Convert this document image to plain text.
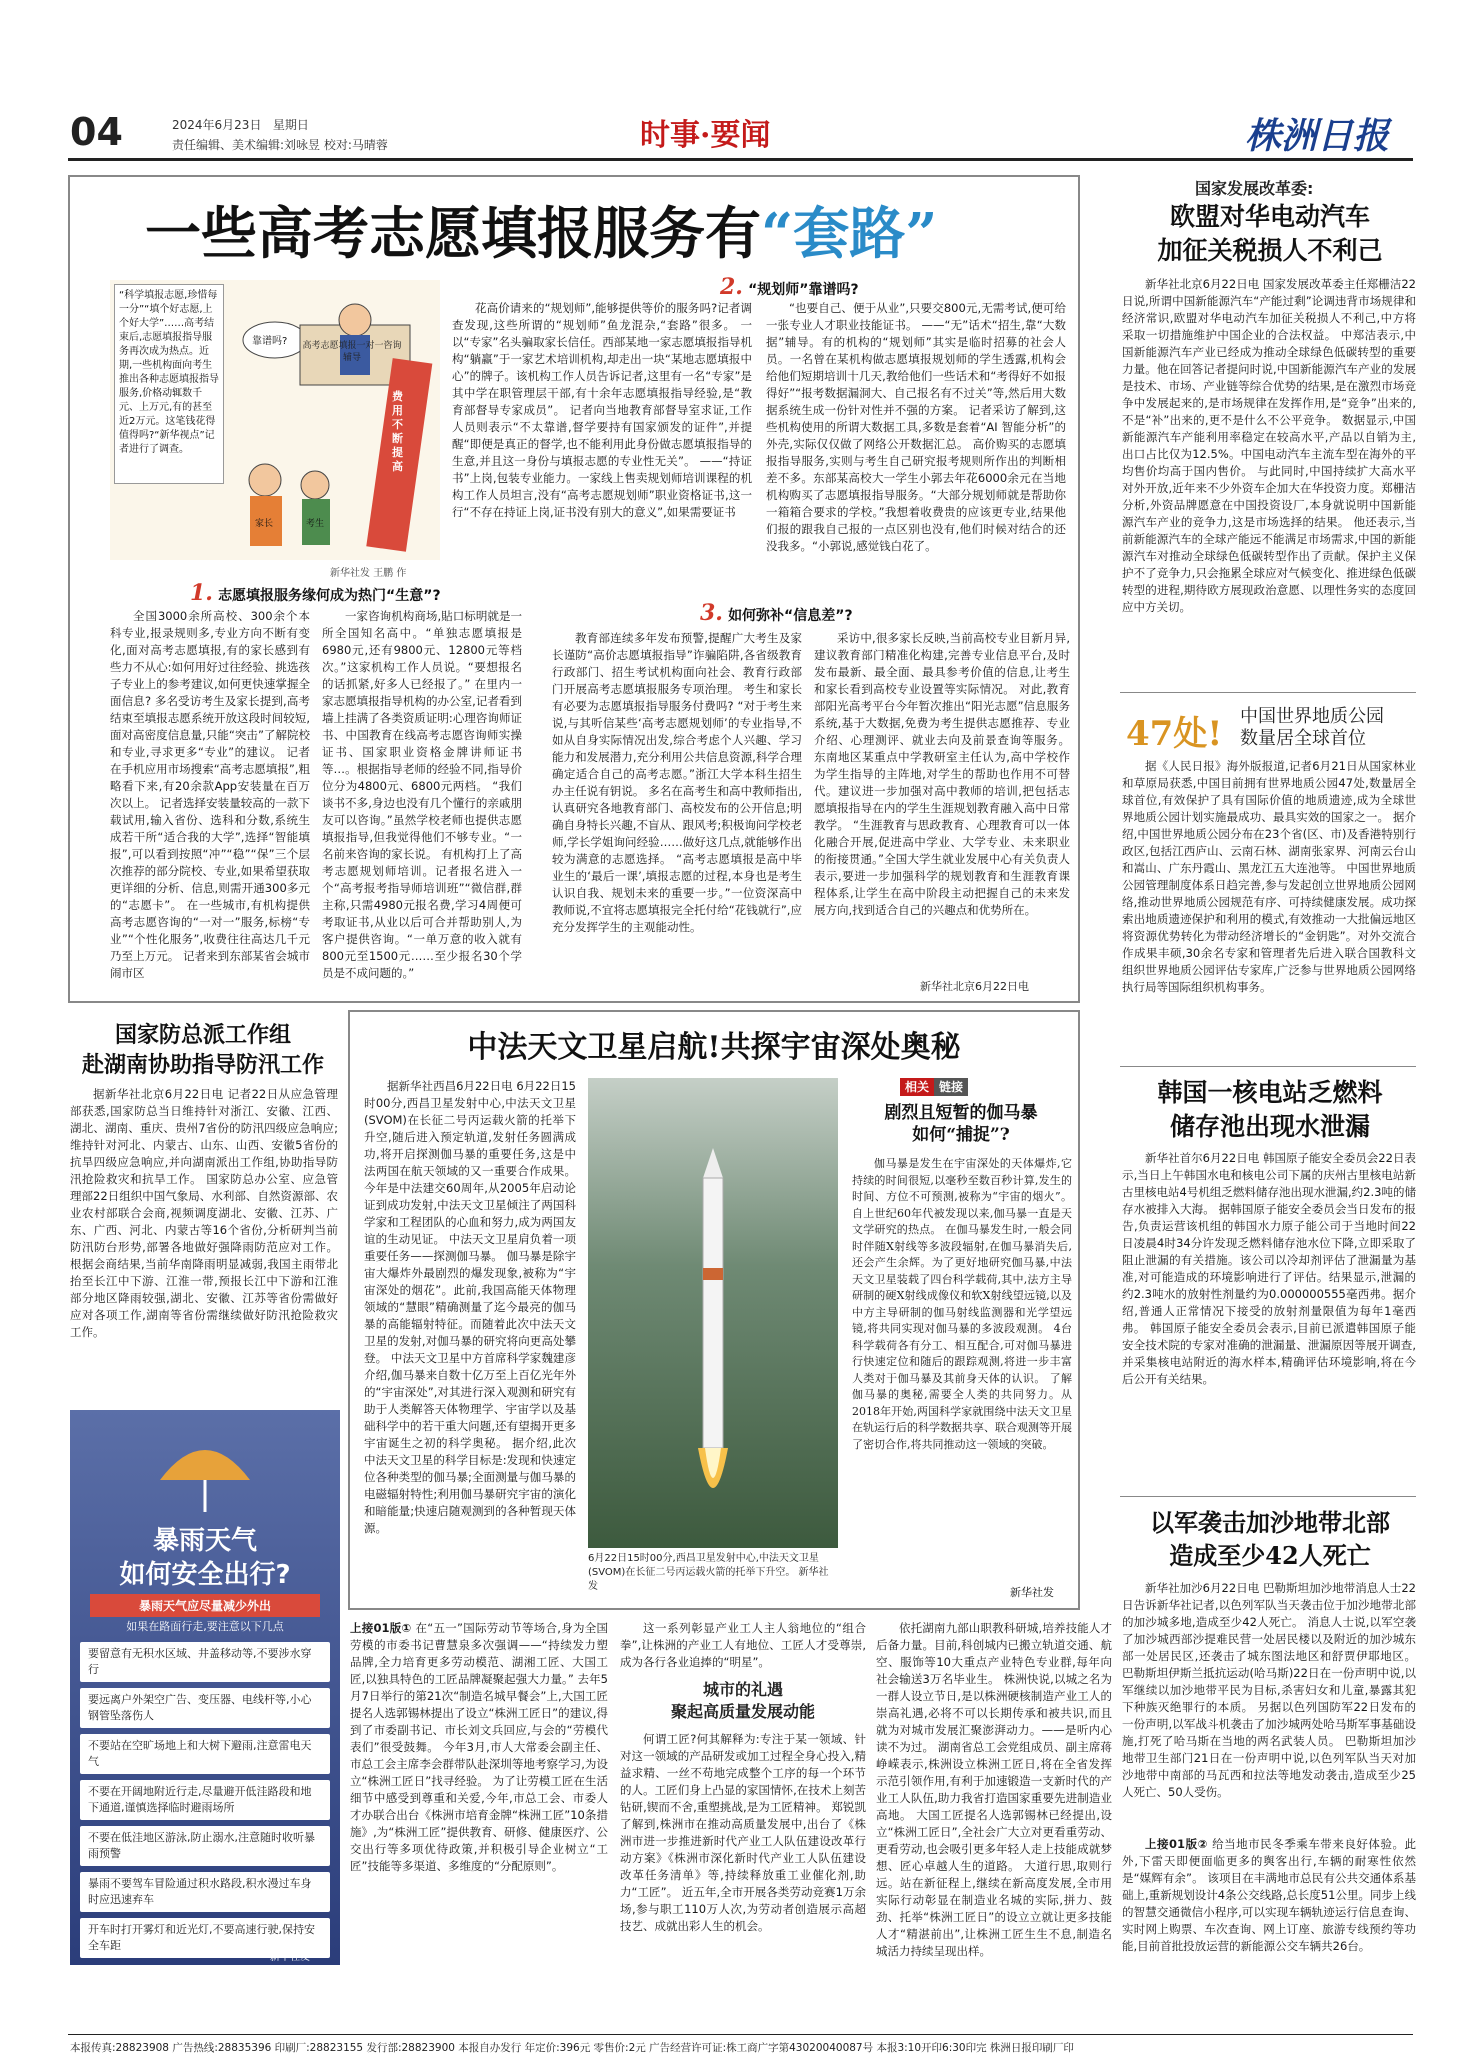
04	2024年6月23日 星期日
责任编辑、美术编辑:刘咏昱 校对:马晴蓉	时事·要闻	株洲日报
一些高考志愿填报服务有“套路”
“科学填报志愿,珍惜每一分”“填个好志愿,上个好大学”……高考结束后,志愿填报指导服务再次成为热点。近期,一些机构面向考生推出各种志愿填报指导服务,价格动辄数千元、上万元,有的甚至近2万元。这笔钱花得值得吗?“新华视点”记者进行了调查。
靠谱吗? 高考志愿填报一对一咨询辅导
费用不断提高
家长	考生
新华社发 王鹏 作
2. “规划师”靠谱吗?
花高价请来的“规划师”,能够提供等价的服务吗?记者调查发现,这些所谓的“规划师”鱼龙混杂,“套路”很多。 一以“专家”名头骗取家长信任。西部某地一家志愿填报指导机构“躺赢”于一家艺术培训机构,却走出一块“某地志愿填报中心”的牌子。该机构工作人员告诉记者,这里有一名“专家”是其中学在职管理层干部,有十余年志愿填报指导经验,是“教育部督导专家成员”。 记者向当地教育部督导室求证,工作人员则表示“不太靠谱,督学要持有国家颁发的证件”,并提醒“即便是真正的督学,也不能利用此身份做志愿填报指导的生意,并且这一身份与填报志愿的专业性无关”。 ——“持证书”上岗,包装专业能力。一家线上售卖规划师培训课程的机构工作人员坦言,没有“高考志愿规划师”职业资格证书,这一行“不存在持证上岗,证书没有别大的意义”,如果需要证书
“也要自己、便于从业”,只要交800元,无需考试,便可给一张专业人才职业技能证书。 ——“无”话术“招生,靠“大数据”辅导。有的机构的“规划师”其实是临时招募的社会人员。一名曾在某机构做志愿填报规划师的学生透露,机构会给他们短期培训十几天,教给他们一些话术和“考得好不如报得好”“报考数据漏洞大、自己报名有不过关”等,然后用大数据系统生成一份针对性并不强的方案。 记者采访了解到,这些机构使用的所谓大数据工具,多数是套着“AI 智能分析”的外壳,实际仅仅做了网络公开数据汇总。 高价购买的志愿填报指导服务,实则与考生自己研究报考规则所作出的判断相差不多。东部某高校大一学生小郭去年花6000余元在当地机构购买了志愿填报指导服务。“大部分规划师就是帮助你一箱箱合要求的学校。”我想着收费贵的应该更专业,结果他们报的跟我自己报的一点区别也没有,他们时候对结合的还没我多。“小郭说,感觉钱白花了。
1. 志愿填报服务缘何成为热门“生意”?
全国3000余所高校、300余个本科专业,报录规则多,专业方向不断有变化,面对高考志愿填报,有的家长感到有些力不从心:如何用好过往经验、挑选孩子专业上的参考建议,如何更快速掌握全面信息? 多名受访考生及家长提到,高考结束至填报志愿系统开放这段时间较短,面对高密度信息量,只能“突击”了解院校和专业,寻求更多“专业”的建议。 记者在手机应用市场搜索“高考志愿填报”,粗略看下来,有20余款App安装量在百万次以上。 记者选择安装量较高的一款下载试用,输入省份、选科和分数,系统生成若干所“适合我的大学”,选择“智能填报”,可以看到按照“冲”“稳”“保”三个层次推荐的部分院校、专业,如果希望获取更详细的分析、信息,则需开通300多元的“志愿卡”。 在一些城市,有机构提供高考志愿咨询的“一对一”服务,标榜“专业”“个性化服务”,收费往往高达几千元乃至上万元。 记者来到东部某省会城市闹市区
一家咨询机构商场,貼口标明就是一所全国知名高中。“单独志愿填报是6980元,还有9800元、12800元等档次。”这家机构工作人员说。“要想报名的话抓紧,好多人已经报了。” 在里内一家志愿填报指导机构的办公室,记者看到墙上挂满了各类资质证明:心理咨询师证书、中国教育在线高考志愿咨询师实操证书、国家职业资格金牌讲师证书等…。根据指导老师的经验不同,指导价位分为4800元、6800元两档。 “我们谈书不多,身边也没有几个懂行的亲戚朋友可以咨询。”虽然学校老师也提供志愿填报指导,但我觉得他们不够专业。“一名前来咨询的家长说。 有机构打上了高考志愿规划师培训。记者报名进入一个“高考报考指导师培训班”“微信群,群主称,只需4980元报名费,学习4周便可考取证书,从业以后可合并帮助别人,为客户提供咨询。“一单万意的收入就有800元至1500元……至少报名30个学员是不成问题的。”
3. 如何弥补“信息差”?
教育部连续多年发布预警,提醒广大考生及家长谨防“高价志愿填报指导”诈骗陷阱,各省级教育行政部门、招生考试机构面向社会、教育行政部门开展高考志愿填报服务专项治理。 考生和家长有必要为志愿填报指导服务付费吗? “对于考生来说,与其听信某些‘高考志愿规划师’的专业指导,不如从自身实际情况出发,综合考虑个人兴趣、学习能力和发展潜力,充分利用公共信息资源,科学合理确定适合自己的高考志愿。”浙江大学本科生招生办主任说有钥说。 多名在高考生和高中教师指出,认真研究各地教育部门、高校发布的公开信息;明确自身特长兴趣,不盲从、跟风考;积极询问学校老师,学长学姐询问经验……做好这几点,就能够作出较为满意的志愿选择。 “高考志愿填报是高中毕业生的‘最后一课’,填报志愿的过程,本身也是考生认识自我、规划未来的重要一步。”一位资深高中教师说,不宜将志愿填报完全托付给“花钱就行”,应充分发挥学生的主观能动性。
采访中,很多家长反映,当前高校专业目新月异,建议教育部门精准化构建,完善专业信息平台,及时发布最新、最全面、最具参考价值的信息,让考生和家长看到高校专业设置等实际情况。 对此,教育部阳光高考平台今年暂次推出“阳光志愿”信息服务系统,基于大数据,免费为考生提供志愿推荐、专业介绍、心理测评、就业去向及前景查询等服务。 东南地区某重点中学教研室主任认为,高中学校作为学生指导的主阵地,对学生的帮助也作用不可替代。建议进一步加强对高中教师的培训,把包括志愿填报指导在内的学生生涯规划教育融入高中日常教学。 “生涯教育与思政教育、心理教育可以一体化融合开展,促进高中学业、大学专业、未来职业的衔接贯通。”全国大学生就业发展中心有关负责人表示,要进一步加强科学的规划教育和生涯教育课程体系,让学生在高中阶段主动把握自己的未来发展方向,找到适合自己的兴趣点和优势所在。
新华社北京6月22日电
国家发展改革委:
欧盟对华电动汽车
加征关税损人不利己
新华社北京6月22日电 国家发展改革委主任郑栅洁22日说,所谓中国新能源汽车“产能过剩”论调违背市场规律和经济常识,欧盟对华电动汽车加征关税损人不利己,中方将采取一切措施维护中国企业的合法权益。 中郑洁表示,中国新能源汽车产业已经成为推动全球绿色低碳转型的重要力量。他在回答记者提问时说,中国新能源汽车产业的发展是技术、市场、产业链等综合优势的结果,是在激烈市场竞争中发展起来的,是市场规律在发挥作用,是“竞争”出来的,不是“补”出来的,更不是什么不公平竞争。 数据显示,中国新能源汽车产能利用率稳定在较高水平,产品以自销为主,出口占比仅为12.5%。中国电动汽车主流车型在海外的平均售价均高于国内售价。 与此同时,中国持续扩大高水平对外开放,近年来不少外资车企加大在华投资力度。郑栅洁分析,外资品牌愿意在中国投资设厂,本身就说明中国新能源汽车产业的竞争力,这是市场选择的结果。 他还表示,当前新能源汽车的全球产能远不能满足市场需求,中国的新能源汽车对推动全球绿色低碳转型作出了贡献。保护主义保护不了竞争力,只会拖累全球应对气候变化、推进绿色低碳转型的进程,期待欧方展现政治意愿、以理性务实的态度回应中方关切。
47处! 中国世界地质公园
数量居全球首位
据《人民日报》海外版报道,记者6月21日从国家林业和草原局获悉,中国目前拥有世界地质公园47处,数量居全球首位,有效保护了具有国际价值的地质遗迹,成为全球世界地质公园计划实施最成功、最具实效的国家之一。 据介绍,中国世界地质公园分布在23个省(区、市)及香港特别行政区,包括江西庐山、云南石林、湖南张家界、河南云台山和嵩山、广东丹霞山、黑龙江五大连池等。 中国世界地质公园管理制度体系日趋完善,参与发起创立世界地质公园网络,推动世界地质公园规范有序、可持续健康发展。成功探索出地质遗迹保护和利用的模式,有效推动一大批偏远地区将资源优势转化为带动经济增长的“金钥匙”。对外交流合作成果丰硕,30余名专家和管理者先后进入联合国教科文组织世界地质公园评估专家库,广泛参与世界地质公园网络执行局等国际组织机构事务。
韩国一核电站乏燃料
储存池出现水泄漏
新华社首尔6月22日电 韩国原子能安全委员会22日表示,当日上午韩国水电和核电公司下属的庆州古里核电站新古里核电站4号机组乏燃料储存池出现水泄漏,约2.3吨的储存水被排入大海。 据韩国原子能安全委员会当日发布的报告,负责运营该机组的韩国水力原子能公司于当地时间22日凌晨4时34分许发现乏燃料储存池水位下降,立即采取了阻止泄漏的有关措施。该公司以冷却剂评估了泄漏量为基准,对可能造成的环境影响进行了评估。结果显示,泄漏的约2.3吨水的放射性剂量约为0.000000555毫西弗。据介绍,普通人正常情况下接受的放射剂量限值为每年1毫西弗。 韩国原子能安全委员会表示,目前已派遣韩国原子能安全技术院的专家对准确的泄漏量、泄漏原因等展开调查,并采集核电站附近的海水样本,精确评估环境影响,将在今后公开有关结果。
以军袭击加沙地带北部
造成至少42人死亡
新华社加沙6月22日电 巴勒斯坦加沙地带消息人士22日告诉新华社记者,以色列军队当天袭击位于加沙地带北部的加沙城多地,造成至少42人死亡。 消息人士说,以军空袭了加沙城西部沙提难民营一处居民楼以及附近的加沙城东部一处居民区,还袭击了城东图法地区和舒贾伊耶地区。 巴勒斯坦伊斯兰抵抗运动(哈马斯)22日在一份声明中说,以军继续以加沙地带平民为目标,杀害妇女和儿童,暴露其犯下种族灭绝罪行的本质。 另据以色列国防军22日发布的一份声明,以军战斗机袭击了加沙城两处哈马斯军事基础设施,打死了哈马斯在当地的两名武装人员。 巴勒斯坦加沙地带卫生部门21日在一份声明中说,以色列军队当天对加沙地带中南部的马瓦西和拉法等地发动袭击,造成至少25人死亡、50人受伤。
上接01版② 给当地市民冬季乘车带来良好体验。此外,下雷天即便面临更多的舆客出行,车辆的耐寒性依然是“媒辉有余”。 该项目在丰满地市总民有公共交通体系基础上,重新规划设计4条公交线路,总长度51公里。同步上线的智慧交通微信小程序,可以实现车辆轨迹运行信息查询、实时网上购票、车次查询、网上订座、旅游专线预约等功能,目前首批投放运营的新能源公交车辆共26台。
国家防总派工作组
赴湖南协助指导防汛工作
据新华社北京6月22日电 记者22日从应急管理部获悉,国家防总当日维持针对浙江、安徽、江西、湖北、湖南、重庆、贵州7省份的防汛四级应急响应;维持针对河北、内蒙古、山东、山西、安徽5省份的抗旱四级应急响应,并向湖南派出工作组,协助指导防汛抢险救灾和抗旱工作。 国家防总办公室、应急管理部22日组织中国气象局、水利部、自然资源部、农业农村部联合会商,视频调度湖北、安徽、江苏、广东、广西、河北、内蒙古等16个省份,分析研判当前防汛防台形势,部署各地做好强降雨防范应对工作。 根据会商结果,当前华南降雨明显减弱,我国主雨带北抬至长江中下游、江淮一带,预报长江中下游和江淮部分地区降雨较强,湖北、安徽、江苏等省份需做好应对各项工作,湖南等省份需继续做好防汛抢险救灾工作。
暴雨天气
如何安全出行?
暴雨天气应尽量减少外出
如果在路面行走,要注意以下几点
要留意有无积水区域、井盖移动等,不要涉水穿行
要远离户外架空广告、变压器、电线杆等,小心钢管坠落伤人
不要站在空旷场地上和大树下避雨,注意雷电天气
不要在开阔地附近行走,尽量避开低洼路段和地下通道,谨慎选择临时避雨场所
不要在低洼地区游泳,防止溺水,注意随时收听暴雨预警
暴雨不要驾车冒险通过积水路段,积水漫过车身时应迅速弃车
开车时打开雾灯和近光灯,不要高速行驶,保持安全车距
新华社发
中法天文卫星启航!共探宇宙深处奥秘
据新华社西昌6月22日电 6月22日15时00分,西昌卫星发射中心,中法天文卫星(SVOM)在长征二号丙运载火箭的托举下升空,随后进入预定轨道,发射任务圆满成功,将开启探测伽马暴的重要任务,这是中法两国在航天领域的又一重要合作成果。 今年是中法建交60周年,从2005年启动论证到成功发射,中法天文卫星倾注了两国科学家和工程团队的心血和努力,成为两国友谊的生动见证。 中法天文卫星肩负着一项重要任务——探测伽马暴。 伽马暴是除宇宙大爆炸外最剧烈的爆发现象,被称为“宇宙深处的烟花”。此前,我国高能天体物理领域的“慧眼”精确测量了迄今最亮的伽马暴的高能辐射特征。而随着此次中法天文卫星的发射,对伽马暴的研究将向更高处攀登。 中法天文卫星中方首席科学家魏建彦介绍,伽马暴来自数十亿万至上百亿光年外的“宇宙深处”,对其进行深入观测和研究有助于人类解答天体物理学、宇宙学以及基础科学中的若干重大问题,还有望揭开更多宇宙诞生之初的科学奥秘。 据介绍,此次中法天文卫星的科学目标是:发现和快速定位各种类型的伽马暴;全面测量与伽马暴的电磁辐射特性;利用伽马暴研究宇宙的演化和暗能量;快速启随观测到的各种暂现天体源。
6月22日15时00分,西昌卫星发射中心,中法天文卫星(SVOM)在长征二号丙运载火箭的托举下升空。 新华社发
相关 链接
剧烈且短暂的伽马暴
如何“捕捉”?
伽马暴是发生在宇宙深处的天体爆炸,它持续的时间很短,以毫秒至数百秒计算,发生的时间、方位不可预测,被称为“宇宙的烟火”。自上世纪60年代被发现以来,伽马暴一直是天文学研究的热点。 在伽马暴发生时,一般会同时伴随X射线等多波段辐射,在伽马暴消失后,还会产生余辉。为了更好地研究伽马暴,中法天文卫星装载了四台科学载荷,其中,法方主导研制的硬X射线成像仪和软X射线望远镜,以及中方主导研制的伽马射线监测器和光学望远镜,将共同实现对伽马暴的多波段观测。 4台科学载荷各有分工、相互配合,可对伽马暴进行快速定位和随后的跟踪观测,将进一步丰富人类对于伽马暴及其前身天体的认识。 了解伽马暴的奥秘,需要全人类的共同努力。从2018年开始,两国科学家就围绕中法天文卫星在轨运行后的科学数据共享、联合观测等开展了密切合作,将共同推动这一领域的突破。
新华社发
上接01版① 在“五一”国际劳动节等场合,身为全国劳模的市委书记曹慧泉多次强调——“持续发力塑品牌,全力培育更多劳动模范、湖湘工匠、大国工匠,以独具特色的工匠品牌凝聚起强大力量。” 去年5月7日举行的第21次“制造名城早餐会”上,大国工匠提名人选郭锡林提出了设立“株洲工匠日”的建议,得到了市委副书记、市长刘文兵回应,与会的“劳模代表们”很受鼓舞。 今年3月,市人大常委会副主任、市总工会主席李会群带队赴深圳等地考察学习,为设立“株洲工匠日”找寻经验。 为了让劳模工匠在生活细节中感受到尊重和关爱,今年,市总工会、市委人才办联合出台《株洲市培育金牌“株洲工匠”10条措施》,为“株洲工匠”提供教育、研修、健康医疗、公交出行等多项优待政策,并积极引导企业树立“工匠”技能等多渠道、多维度的“分配原则”。
这一系列彰显产业工人主人翁地位的“组合拳”,让株洲的产业工人有地位、工匠人才受尊崇,成为各行各业追捧的“明星”。
城市的礼遇
聚起高质量发展动能
何谓工匠?何其解释为:专注于某一领域、针对这一领域的产品研发或加工过程全身心投入,精益求精、一丝不苟地完成整个工序的每一个环节的人。工匠们身上凸显的家国情怀,在技术上刻苦钻研,锲而不舍,重塑挑战,是为工匠精神。 郑锐凯了解到,株洲市在推动高质量发展中,出台了《株洲市进一步推进新时代产业工人队伍建设改革行动方案》《株洲市深化新时代产业工人队伍建设改革任务清单》等,持续释放重工业催化剂,助力“工匠”。 近五年,全市开展各类劳动竞赛1万余场,参与职工110万人次,为劳动者创造展示高超技艺、成就出彩人生的机会。
依托湖南九部山职教科研城,培养技能人才后备力量。目前,科创城内已搬立轨道交通、航空、服饰等10大重点产业特色专业群,每年向社会输送3万名毕业生。 株洲快说,以城之名为一群人设立节日,是以株洲硬核制造产业工人的崇高礼遇,必将不可以长期传承和被共识,而且就为对城市发展汇聚澎湃动力。——是听内心读不为过。 湖南省总工会党组成员、副主席蒋峥嵘表示,株洲设立株洲工匠日,将在全省发挥示范引领作用,有利于加速锻造一支新时代的产业工人队伍,助力我省打造国家重要先进制造业高地。 大国工匠提名人选郭锡林已经提出,设立“株洲工匠日”,全社会广大立对更看重劳动、更看劳动,也会吸引更多年轻人走上技能成就梦想、匠心卓越人生的道路。 大道行思,取则行远。站在新征程上,继续在新高度发展,全市用实际行动彰显在制造业名城的实际,拼力、鼓劲、托举“株洲工匠日”的设立立就让更多技能人才“精湛前出”,让株洲工匠生生不息,制造名城活力持续呈现出样。
本报传真:28823908 广告热线:28835396 印刷厂:28823155 发行部:28823900 本报自办发行 年定价:396元 零售价:2元 广告经营许可证:株工商广字第43020040087号 本报3:10开印6:30印完 株洲日报印刷厂印
